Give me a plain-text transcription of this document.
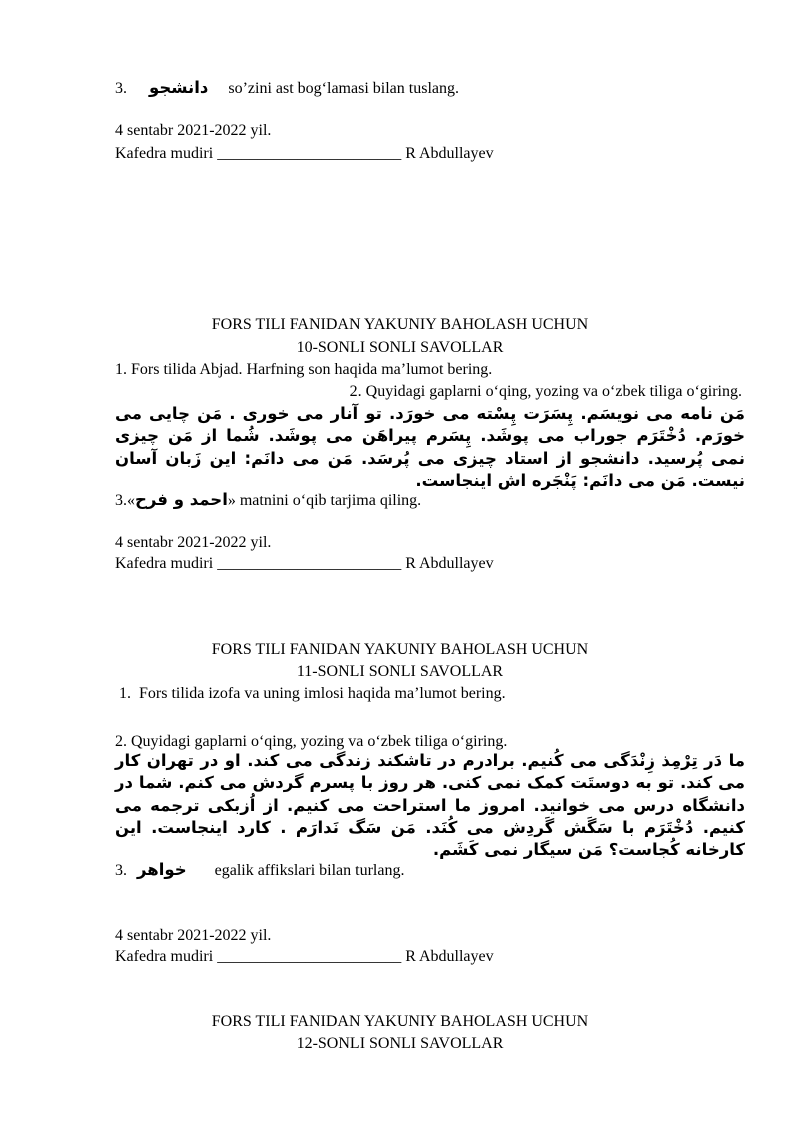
3. دانشجو so’zini ast bog‘lamasi bilan tuslang.
4 sentabr 2021-2022 yil.
Kafedra mudiri _______________________ R Abdullayev
FORS TILI FANIDAN YAKUNIY BAHOLASH UCHUN
10-SONLI SONLI SAVOLLAR
1. Fors tilida Abjad. Harfning son haqida ma’lumot bering.
2. Quyidagi gaplarni o‘qing, yozing va o‘zbek tiliga o‘giring.
مَن نامه می نویسَم. پِسَرَت پِسْته می خورَد. تو آنار می خوری . مَن چایی می خورَم. دُخْتَرَم جوراب می پوشَد. پِسَرم پیراهَن می پوشَد. شُما از مَن چیزی نمی پُرسید. دانشجو از استاد چیزی می پُرسَد. مَن می دانَم: این زَبان آسان نیست. مَن می دانَم: پَنْجَره اش اینجاست.
3.«احمد و فرح» matnini o‘qib tarjima qiling.
4 sentabr 2021-2022 yil.
Kafedra mudiri _______________________ R Abdullayev
FORS TILI FANIDAN YAKUNIY BAHOLASH UCHUN
11-SONLI SONLI SAVOLLAR
1.  Fors tilida izofa va uning imlosi haqida ma’lumot bering.
2. Quyidagi gaplarni o‘qing, yozing va o‘zbek tiliga o‘giring.
ما دَر تِرْمِذ زِنْدَگی می کُنیم. برادرم در تاشکند زندگی می کند. او در تهران کار می کند. تو به دوستَت کمک نمی کنی. هر روز با پسرم گردش می کنم. شما در دانشگاه درس می خوانید. امروز ما استراحت می کنیم. از اُزبکی ترجمه می کنیم. دُخْتَرَم با سَگَش گَردِش می کُنَد. مَن سَگ نَدارَم . کارد اینجاست. این کارخانه کُجاست؟ مَن سیگار نمی کَشَم.
3. خواهر egalik affikslari bilan turlang.
4 sentabr 2021-2022 yil.
Kafedra mudiri _______________________ R Abdullayev
FORS TILI FANIDAN YAKUNIY BAHOLASH UCHUN
12-SONLI SONLI SAVOLLAR
